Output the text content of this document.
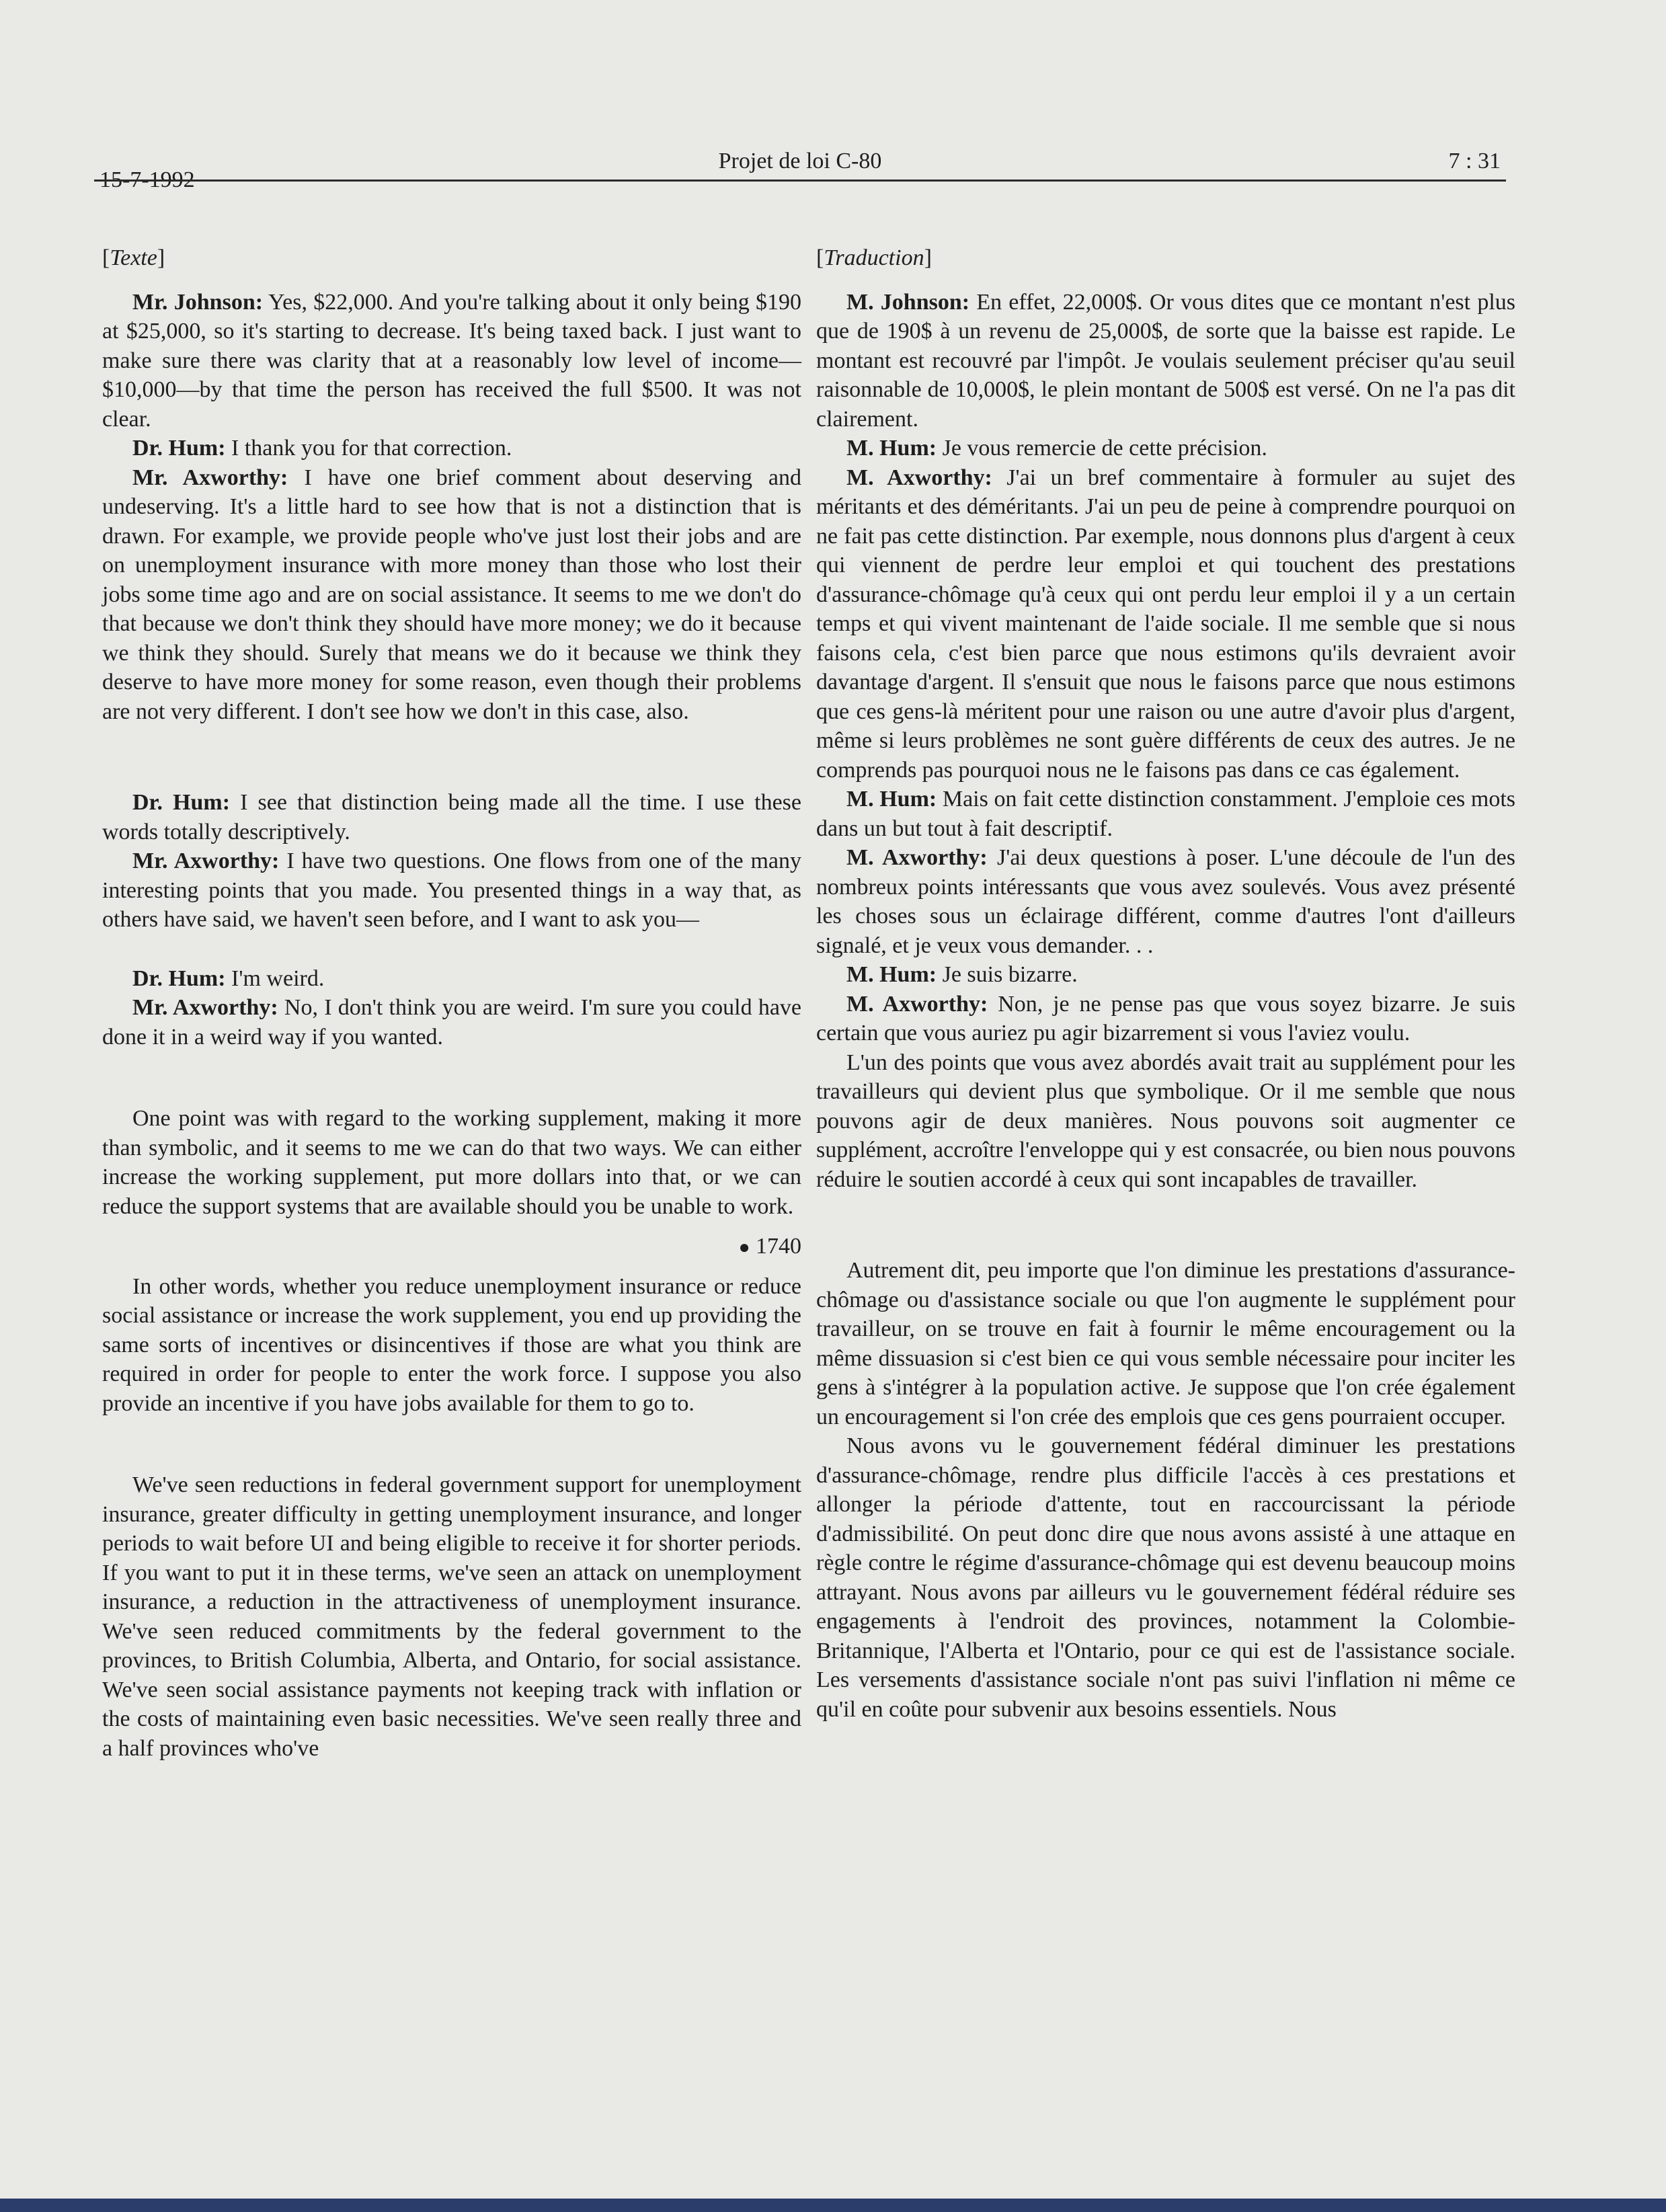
15-7-1992
Projet de loi C-80	7 : 31

[Texte]

Mr. Johnson: Yes, $22,000. And you're talking about it only being $190 at $25,000, so it's starting to decrease. It's being taxed back. I just want to make sure there was clarity that at a reasonably low level of income—$10,000—by that time the person has received the full $500. It was not clear.

Dr. Hum: I thank you for that correction.

Mr. Axworthy: I have one brief comment about deserving and undeserving. It's a little hard to see how that is not a distinction that is drawn. For example, we provide people who've just lost their jobs and are on unemployment insurance with more money than those who lost their jobs some time ago and are on social assistance. It seems to me we don't do that because we don't think they should have more money; we do it because we think they should. Surely that means we do it because we think they deserve to have more money for some reason, even though their problems are not very different. I don't see how we don't in this case, also.

Dr. Hum: I see that distinction being made all the time. I use these words totally descriptively.

Mr. Axworthy: I have two questions. One flows from one of the many interesting points that you made. You presented things in a way that, as others have said, we haven't seen before, and I want to ask you—

Dr. Hum: I'm weird.

Mr. Axworthy: No, I don't think you are weird. I'm sure you could have done it in a weird way if you wanted.

One point was with regard to the working supplement, making it more than symbolic, and it seems to me we can do that two ways. We can either increase the working supplement, put more dollars into that, or we can reduce the support systems that are available should you be unable to work.

● 1740

In other words, whether you reduce unemployment insurance or reduce social assistance or increase the work supplement, you end up providing the same sorts of incentives or disincentives if those are what you think are required in order for people to enter the work force. I suppose you also provide an incentive if you have jobs available for them to go to.

We've seen reductions in federal government support for unemployment insurance, greater difficulty in getting unemployment insurance, and longer periods to wait before UI and being eligible to receive it for shorter periods. If you want to put it in these terms, we've seen an attack on unemployment insurance, a reduction in the attractiveness of unemployment insurance. We've seen reduced commitments by the federal government to the provinces, to British Columbia, Alberta, and Ontario, for social assistance. We've seen social assistance payments not keeping track with inflation or the costs of maintaining even basic necessities. We've seen really three and a half provinces who've

[Traduction]

M. Johnson: En effet, 22,000$. Or vous dites que ce montant n'est plus que de 190$ à un revenu de 25,000$, de sorte que la baisse est rapide. Le montant est recouvré par l'impôt. Je voulais seulement préciser qu'au seuil raisonnable de 10,000$, le plein montant de 500$ est versé. On ne l'a pas dit clairement.

M. Hum: Je vous remercie de cette précision.

M. Axworthy: J'ai un bref commentaire à formuler au sujet des méritants et des déméritants. J'ai un peu de peine à comprendre pourquoi on ne fait pas cette distinction. Par exemple, nous donnons plus d'argent à ceux qui viennent de perdre leur emploi et qui touchent des prestations d'assurance-chômage qu'à ceux qui ont perdu leur emploi il y a un certain temps et qui vivent maintenant de l'aide sociale. Il me semble que si nous faisons cela, c'est bien parce que nous estimons qu'ils devraient avoir davantage d'argent. Il s'ensuit que nous le faisons parce que nous estimons que ces gens-là méritent pour une raison ou une autre d'avoir plus d'argent, même si leurs problèmes ne sont guère différents de ceux des autres. Je ne comprends pas pourquoi nous ne le faisons pas dans ce cas également.

M. Hum: Mais on fait cette distinction constamment. J'emploie ces mots dans un but tout à fait descriptif.

M. Axworthy: J'ai deux questions à poser. L'une découle de l'un des nombreux points intéressants que vous avez soulevés. Vous avez présenté les choses sous un éclairage différent, comme d'autres l'ont d'ailleurs signalé, et je veux vous demander. . .

M. Hum: Je suis bizarre.

M. Axworthy: Non, je ne pense pas que vous soyez bizarre. Je suis certain que vous auriez pu agir bizarrement si vous l'aviez voulu.

L'un des points que vous avez abordés avait trait au supplément pour les travailleurs qui devient plus que symbolique. Or il me semble que nous pouvons agir de deux manières. Nous pouvons soit augmenter ce supplément, accroître l'enveloppe qui y est consacrée, ou bien nous pouvons réduire le soutien accordé à ceux qui sont incapables de travailler.

Autrement dit, peu importe que l'on diminue les prestations d'assurance-chômage ou d'assistance sociale ou que l'on augmente le supplément pour travailleur, on se trouve en fait à fournir le même encouragement ou la même dissuasion si c'est bien ce qui vous semble nécessaire pour inciter les gens à s'intégrer à la population active. Je suppose que l'on crée également un encouragement si l'on crée des emplois que ces gens pourraient occuper.

Nous avons vu le gouvernement fédéral diminuer les prestations d'assurance-chômage, rendre plus difficile l'accès à ces prestations et allonger la période d'attente, tout en raccourcissant la période d'admissibilité. On peut donc dire que nous avons assisté à une attaque en règle contre le régime d'assurance-chômage qui est devenu beaucoup moins attrayant. Nous avons par ailleurs vu le gouvernement fédéral réduire ses engagements à l'endroit des provinces, notamment la Colombie-Britannique, l'Alberta et l'Ontario, pour ce qui est de l'assistance sociale. Les versements d'assistance sociale n'ont pas suivi l'inflation ni même ce qu'il en coûte pour subvenir aux besoins essentiels. Nous
